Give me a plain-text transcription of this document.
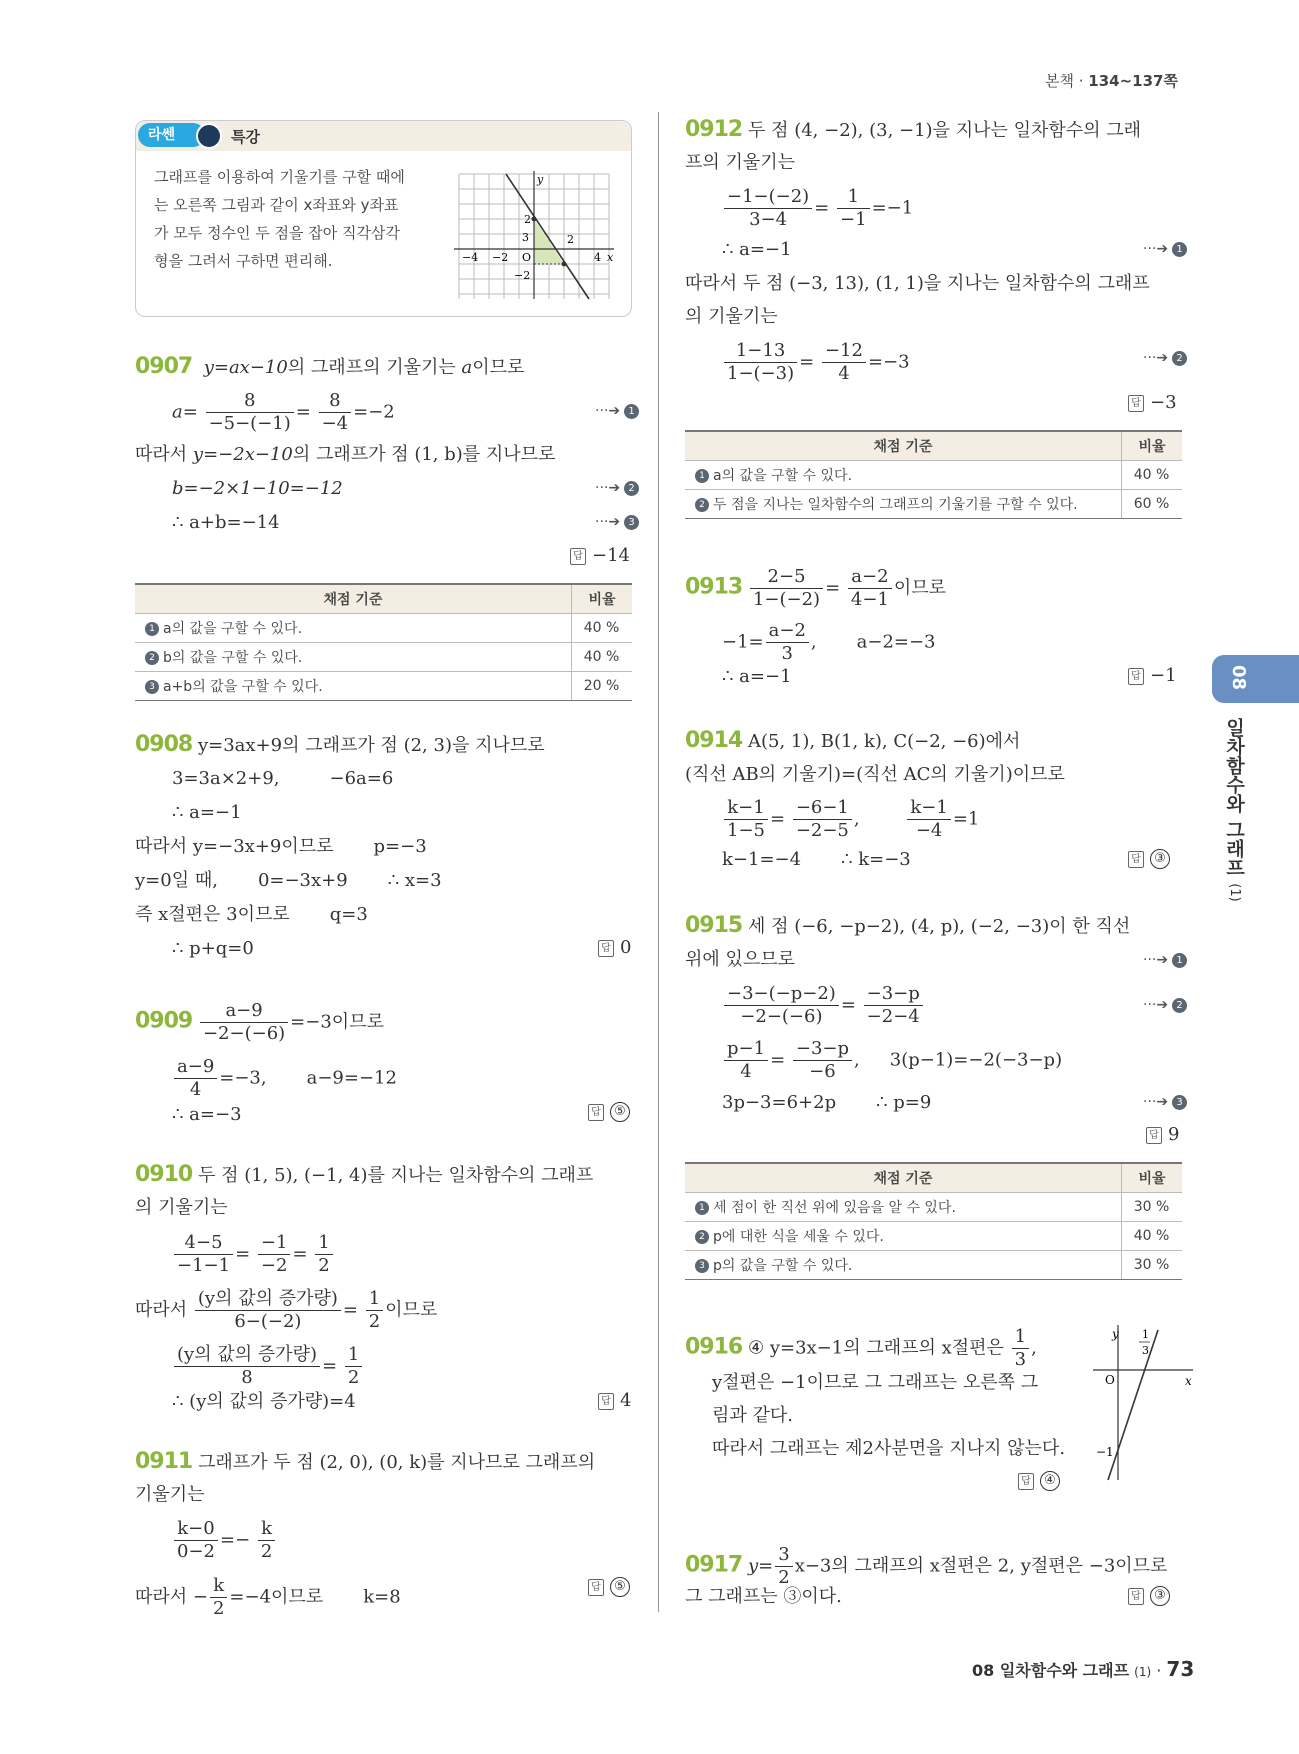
본책 · 134~137쪽
08
일차함수와 그래프 (1)
라쎈	특강
그래프를 이용하여 기울기를 구할 때에
는 오른쪽 그림과 같이 x좌표와 y좌표
가 모두 정수인 두 점을 잡아 직각삼각
형을 그려서 구하면 편리해.
y
x
O
2
3
−4 −2	4
2
−2
0907 y=ax−10의 그래프의 기울기는 a이므로
$a= \frac{8}{-5-(-1)} = \frac{8}{-4} =-2$	···➔ 1
따라서 y=−2x−10의 그래프가 점 (1, b)를 지나므로
b=−2×1−10=−12	···➔ 2
∴ a+b=−14	···➔ 3
답 −14
채점 기준	비율
1 a의 값을 구할 수 있다.	40 %
2 b의 값을 구할 수 있다.	40 %
3 a+b의 값을 구할 수 있다.	20 %
0908 y=3ax+9의 그래프가 점 (2, 3)을 지나므로
3=3a×2+9,	−6a=6
∴ a=−1
따라서 y=−3x+9이므로 p=−3
y=0일 때, 0=−3x+9 ∴ x=3
즉 x절편은 3이므로 q=3
∴ p+q=0	답 0
$0909 \frac{a-9}{-2-(-6)} =-3$이므로
$\frac{a-9}{4} =-3$, a−9=−12
∴ a=−3	답 ⑤
0910 두 점 (1, 5), (−1, 4)를 지나는 일차함수의 그래프
의 기울기는
$\frac{4-5}{-1-1} = \frac{-1}{-2} = \frac{1}{2}$
따라서
(y의 값의 증가량)
6−(−2)
= $\frac{1}{2}$ 이므로
(y의 값의 증가량)
8
= $\frac{1}{2}$
∴ (y의 값의 증가량)=4	답 4
0911 그래프가 두 점 (2, 0), (0, k)를 지나므로 그래프의
기울기는
$\frac{k-0}{0-2} =- \frac{k}{2}$
따라서 − $\frac{k}{2} =-4$이므로 k=8	답 ⑤
0912 두 점 (4, −2), (3, −1)을 지나는 일차함수의 그래
프의 기울기는
$\frac{-1-(-2)}{3-4} = \frac{1}{-1} =-1$
∴ a=−1	···➔ 1
따라서 두 점 (−3, 13), (1, 1)을 지나는 일차함수의 그래프
의 기울기는
$\frac{1-13}{1-(-3)} = \frac{-12}{4} =-3$	···➔ 2
답 −3
채점 기준	비율
1 a의 값을 구할 수 있다.	40 %
2 두 점을 지나는 일차함수의 그래프의 기울기를 구할 수 있다.	60 %
$0913 \frac{2-5}{1-(-2)} = \frac{a-2}{4-1}$ 이므로
$-1= \frac{a-2}{3}$ , a−2=−3
∴ a=−1	답 −1
0914 A(5, 1), B(1, k), C(−2, −6)에서
(직선 AB의 기울기)=(직선 AC의 기울기)이므로
$\frac{k-1}{1-5} = \frac{-6-1}{-2-5}$ ,	$\frac{k-1}{-4} =1$
k−1=−4 ∴ k=−3	답 ③
0915 세 점 (−6, −p−2), (4, p), (−2, −3)이 한 직선
위에 있으므로	···➔ 1
$\frac{-3-(-p-2)}{-2-(-6)} = \frac{-3-p}{-2-4}$	···➔ 2
$\frac{p-1}{4} = \frac{-3-p}{-6}$ , 3(p−1)=−2(−3−p)
3p−3=6+2p ∴ p=9	···➔ 3
답 9
채점 기준	비율
1 세 점이 한 직선 위에 있음을 알 수 있다.	30 %
2 p에 대한 식을 세울 수 있다.	40 %
3 p의 값을 구할 수 있다.	30 %
0916 ④ y=3x−1의 그래프의 x절편은 $\frac{1}{3}$ ,
y절편은 −1이므로 그 그래프는 오른쪽 그
림과 같다.
따라서 그래프는 제2사분면을 지나지 않는다.
답 ④
y
x
O
1
3
−1
0917 $y= \frac{3}{2} x-3$의 그래프의 x절편은 2, y절편은 −3이므로
그 그래프는 ③이다.	답 ③
08 일차함수와 그래프 (1) · 73
